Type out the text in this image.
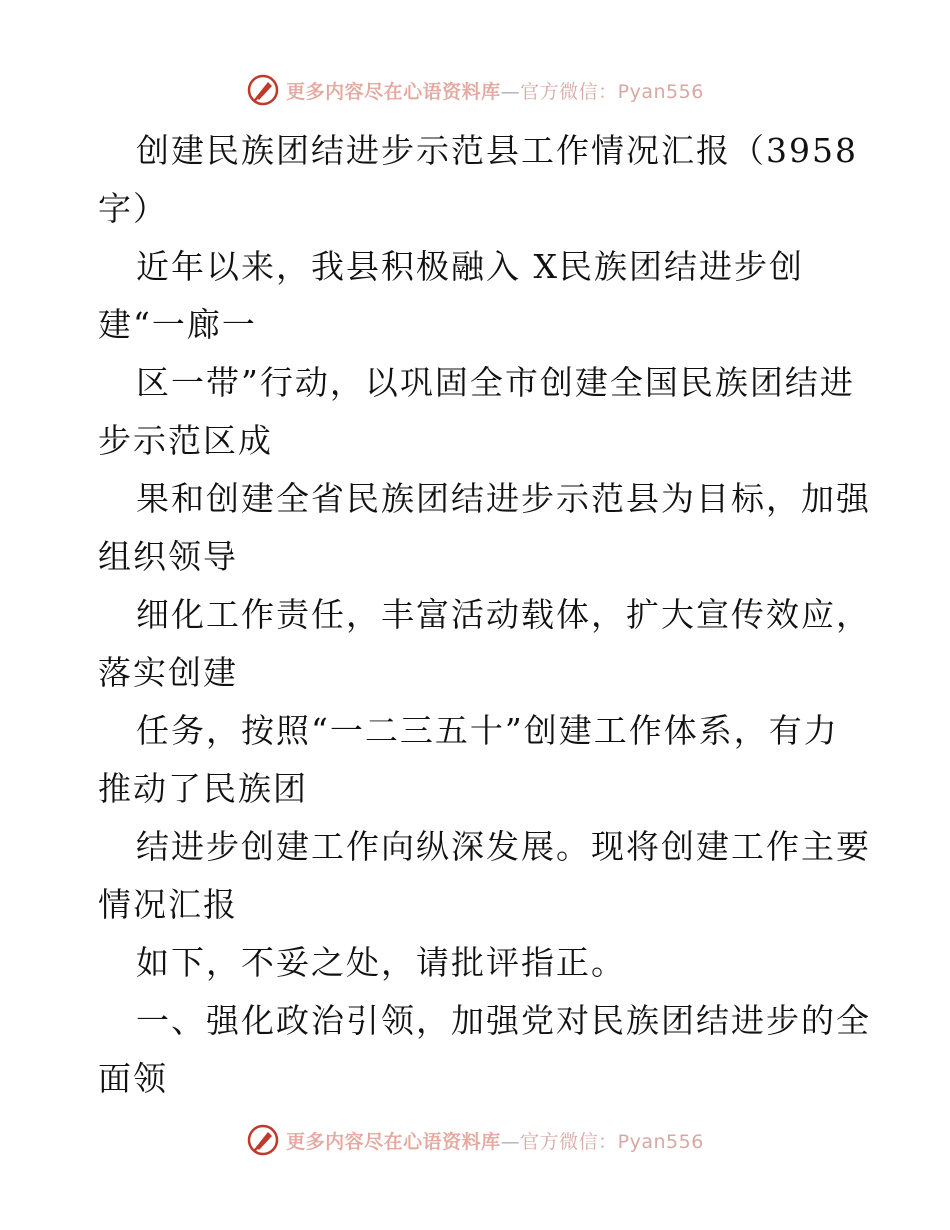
更多内容尽在心语资料库—官方微信：Pyan556
创建民族团结进步示范县工作情况汇报（3958
字）
近年以来，我县积极融入 X民族团结进步创
建“一廊一
区一带”行动，以巩固全市创建全国民族团结进
步示范区成
果和创建全省民族团结进步示范县为目标，加强
组织领导
细化工作责任，丰富活动载体，扩大宣传效应，
落实创建
任务，按照“一二三五十”创建工作体系，有力
推动了民族团
结进步创建工作向纵深发展。现将创建工作主要
情况汇报
如下，不妥之处，请批评指正。
一、强化政治引领，加强党对民族团结进步的全
面领
更多内容尽在心语资料库—官方微信：Pyan556
